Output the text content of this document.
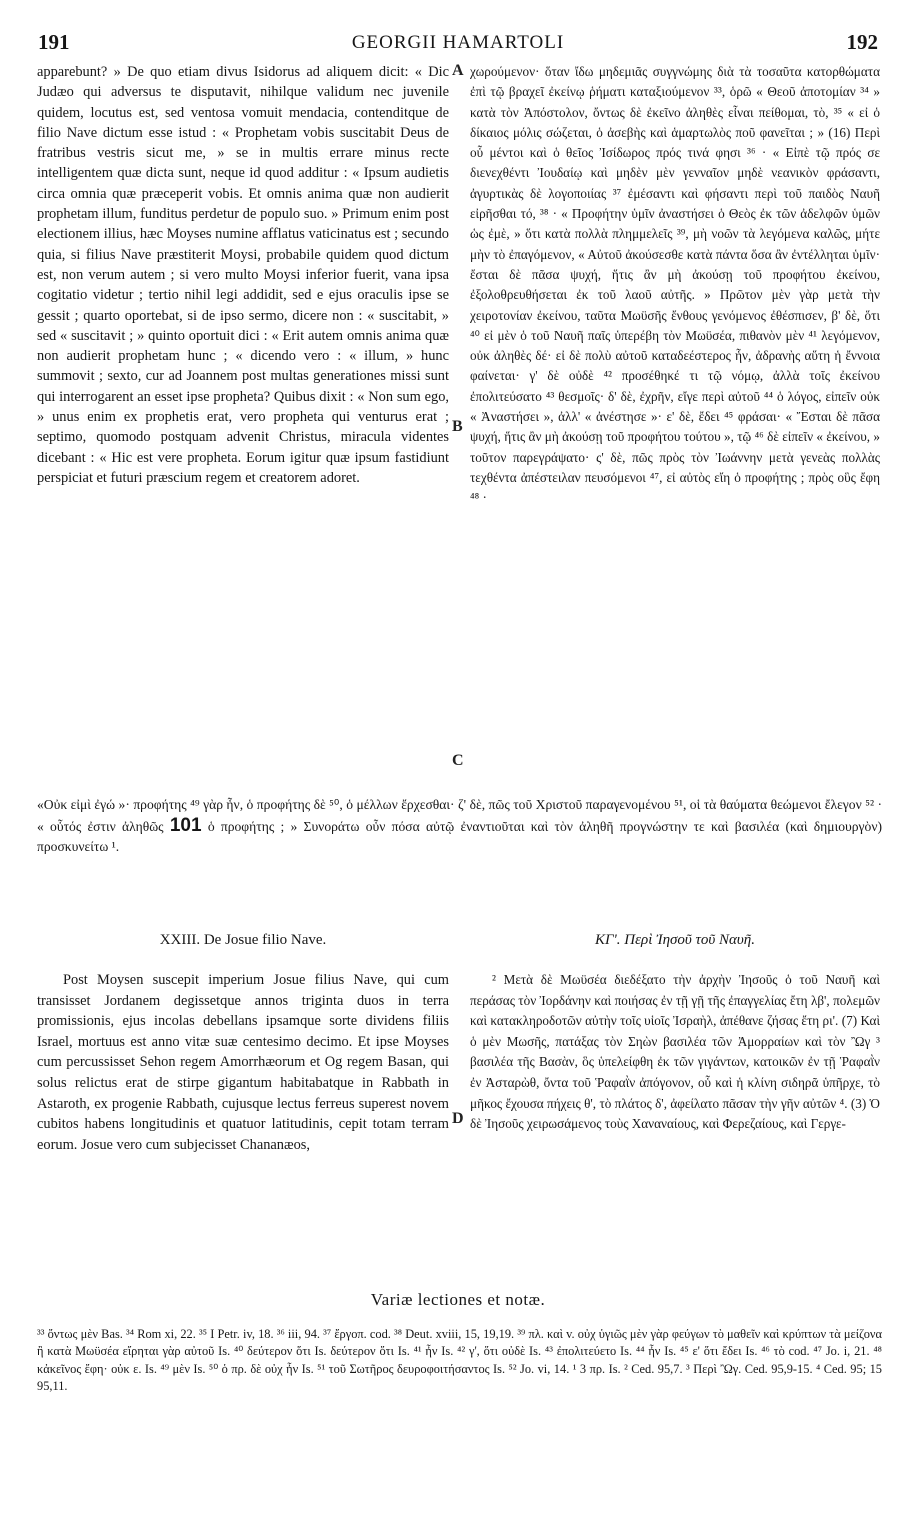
191	GEORGII HAMARTOLI	192

apparebunt? » De quo etiam divus Isidorus ad aliquem dicit: « Dic Judæo qui adversus te disputavit, nihilque validum nec juvenile quidem, locutus est, sed ventosa vomuit mendacia, contenditque de filio Nave dictum esse istud : « Prophetam vobis suscitabit Deus de fratribus vestris sicut me, » se in multis errare minus recte intelligentem quæ dicta sunt, neque id quod additur : « Ipsum audietis circa omnia quæ præceperit vobis. Et omnis anima quæ non audierit prophetam illum, funditus perdetur de populo suo. » Primum enim post electionem illius, hæc Moyses numine afflatus vaticinatus est ; secundo quia, si filius Nave præstiterit Moysi, probabile quidem quod dictum est, non verum autem ; si vero multo Moysi inferior fuerit, vana ipsa cogitatio videtur ; tertio nihil legi addidit, sed e ejus oraculis ipse se gessit ; quarto oportebat, si de ipso sermo, dicere non : « suscitabit, » sed « suscitavit ; » quinto oportuit dici : « Erit autem omnis anima quæ non audierit prophetam hunc ; « dicendo vero : « illum, » hunc summovit ; sexto, cur ad Joannem post multas generationes missi sunt qui interrogarent an esset ipse propheta? Quibus dixit : « Non sum ego, » unus enim ex prophetis erat, vero propheta qui venturus erat ; septimo, quomodo postquam advenit Christus, miracula videntes dicebant : « Hic est vere propheta. Eorum igitur quæ ipsum fastidiunt perspiciat et futuri præscium regem et creatorem adoret.

χωρούμενον· ὅταν ἴδω μηδεμιᾶς συγγνώμης διὰ τὰ τοσαῦτα κατορθώματα ἐπὶ τῷ βραχεῖ ἐκείνῳ ῥήματι καταξιούμενον ³³, ὁρῶ « Θεοῦ ἀποτομίαν ³⁴ » κατὰ τὸν Ἀπόστολον, ὄντως δὲ ἐκεῖνο ἀληθὲς εἶναι πείθομαι, τὸ, ³⁵ « εἰ ὁ δίκαιος μόλις σώζεται, ὁ ἀσεβὴς καὶ ἁμαρτωλὸς ποῦ φανεῖται ; » (16) Περὶ οὗ μέντοι καὶ ὁ θεῖος Ἰσίδωρος πρός τινά φησι ³⁶ · « Εἰπὲ τῷ πρός σε διενεχθέντι Ἰουδαίῳ καὶ μηδὲν μὲν γενναῖον μηδὲ νεανικὸν φράσαντι, ἀγυρτικὰς δὲ λογοποιίας ³⁷ ἐμέσαντι καὶ φήσαντι περὶ τοῦ παιδὸς Ναυῆ εἰρῆσθαι τό, ³⁸ · « Προφήτην ὑμῖν ἀναστήσει ὁ Θεὸς ἐκ τῶν ἀδελφῶν ὑμῶν ὡς ἐμὲ, » ὅτι κατὰ πολλὰ πλημμελεῖς ³⁹, μὴ νοῶν τὰ λεγόμενα καλῶς, μήτε μὴν τὸ ἐπαγόμενον, « Αὐτοῦ ἀκούσεσθε κατὰ πάντα ὅσα ἂν ἐντέλληται ὑμῖν· ἔσται δὲ πᾶσα ψυχή, ἥτις ἂν μὴ ἀκούσῃ τοῦ προφήτου ἐκείνου, ἐξολοθρευθήσεται ἐκ τοῦ λαοῦ αὐτῆς. » Πρῶτον μὲν γὰρ μετὰ τὴν χειροτονίαν ἐκείνου, ταῦτα Μωϋσῆς ἔνθους γενόμενος ἐθέσπισεν, β' δὲ, ὅτι ⁴⁰ εἰ μὲν ὁ τοῦ Ναυῆ παῖς ὑπερέβη τὸν Μωϋσέα, πιθανὸν μὲν ⁴¹ λεγόμενον, οὐκ ἀληθὲς δέ· εἰ δὲ πολὺ αὐτοῦ καταδεέστερος ἦν, ἀδρανὴς αὕτη ἡ ἔννοια φαίνεται· γ' δὲ οὐδὲ ⁴² προσέθηκέ τι τῷ νόμῳ, ἀλλὰ τοῖς ἐκείνου ἐπολιτεύσατο ⁴³ θεσμοῖς· δ' δὲ, ἐχρῆν, εἴγε περὶ αὐτοῦ ⁴⁴ ὁ λόγος, εἰπεῖν οὐκ « Ἀναστήσει », ἀλλ' « ἀνέστησε »· ε' δὲ, ἔδει ⁴⁵ φράσαι· « Ἔσται δὲ πᾶσα ψυχή, ἥτις ἂν μὴ ἀκούσῃ τοῦ προφήτου τούτου », τῷ ⁴⁶ δὲ εἰπεῖν « ἐκείνου, » τοῦτον παρεγράψατο· ς' δὲ, πῶς πρὸς τὸν Ἰωάννην μετὰ γενεὰς πολλὰς τεχθέντα ἀπέστειλαν πευσόμενοι ⁴⁷, εἰ αὐτὸς εἴη ὁ προφήτης ; πρὸς οὓς ἔφη ⁴⁸ ·

A
B
C
D
«Οὐκ εἰμὶ ἐγώ »· προφήτης ⁴⁹ γὰρ ἦν, ὁ προφήτης δὲ ⁵⁰, ὁ μέλλων ἔρχεσθαι· ζ' δὲ, πῶς τοῦ Χριστοῦ παραγενομένου ⁵¹, οἱ τὰ θαύματα θεώμενοι ἔλεγον ⁵² · « οὗτός ἐστιν ἀληθῶς 101 ὁ προφήτης ; » Συνοράτω οὖν πόσα αὐτῷ ἐναντιοῦται καὶ τὸν ἀληθῆ προγνώστην τε καὶ βασιλέα (καὶ δημιουργὸν) προσκυνείτω ¹.
XXIII. De Josue filio Nave.	ΚΓ'. Περὶ Ἰησοῦ τοῦ Ναυῆ.

Post Moysen suscepit imperium Josue filius Nave, qui cum transisset Jordanem degissetque annos triginta duos in terra promissionis, ejus incolas debellans ipsamque sorte dividens filiis Israel, mortuus est anno vitæ suæ centesimo decimo. Et ipse Moyses cum percussisset Sehon regem Amorrhæorum et Og regem Basan, qui solus relictus erat de stirpe gigantum habitabatque in Rabbath in Astaroth, ex progenie Rabbath, cujusque lectus ferreus superest novem cubitos habens longitudinis et quatuor latitudinis, cepit totam terram eorum. Josue vero cum subjecisset Chananæos,

² Μετὰ δὲ Μωϋσέα διεδέξατο τὴν ἀρχὴν Ἰησοῦς ὁ τοῦ Ναυῆ καὶ περάσας τὸν Ἰορδάνην καὶ ποιήσας ἐν τῇ γῇ τῆς ἐπαγγελίας ἔτη λβ', πολεμῶν καὶ κατακληροδοτῶν αὐτὴν τοῖς υἱοῖς Ἰσραὴλ, ἀπέθανε ζήσας ἔτη ρι'. (7) Καὶ ὁ μὲν Μωσῆς, πατάξας τὸν Σηὼν βασιλέα τῶν Ἀμορραίων καὶ τὸν Ὢγ ³ βασιλέα τῆς Βασὰν, ὃς ὑπελείφθη ἐκ τῶν γιγάντων, κατοικῶν ἐν τῇ Ῥαφαῒν ἐν Ἀσταρὼθ, ὄντα τοῦ Ῥαφαῒν ἀπόγονον, οὗ καὶ ἡ κλίνη σιδηρᾶ ὑπῆρχε, τὸ μῆκος ἔχουσα πήχεις θ', τὸ πλάτος δ', ἀφείλατο πᾶσαν τὴν γῆν αὐτῶν ⁴. (3) Ὁ δὲ Ἰησοῦς χειρωσάμενος τοὺς Χαναναίους, καὶ Φερεζαίους, καὶ Γεργε-

Variæ lectiones et notæ.
³³ ὄντως μὲν Bas. ³⁴ Rom xi, 22. ³⁵ I Petr. iv, 18. ³⁶ iii, 94. ³⁷ ἔργοπ. cod. ³⁸ Deut. xviii, 15, 19,19. ³⁹ πλ. καὶ v. οὐχ ὑγιῶς μὲν γὰρ φεύγων τὸ μαθεῖν καὶ κρύπτων τὰ μείζονα ἢ κατὰ Μωϋσέα εἴρηται γὰρ αὐτοῦ Is. ⁴⁰ δεύτερον ὅτι Is. δεύτερον ὅτι Is. ⁴¹ ἦν Is. ⁴² γ', ὅτι οὐδὲ Is. ⁴³ ἐπολιτεύετο Is. ⁴⁴ ἦν Is. ⁴⁵ ε' ὅτι ἔδει Is. ⁴⁶ τὸ cod. ⁴⁷ Jo. i, 21. ⁴⁸ κἀκεῖνος ἔφη· οὐκ ε. Is. ⁴⁹ μὲν Is. ⁵⁰ ὁ πρ. δὲ οὐχ ἦν Is. ⁵¹ τοῦ Σωτῆρος δευροφοιτήσαντος Is. ⁵² Jo. vi, 14. ¹ 3 πρ. Is. ² Ced. 95,7. ³ Περὶ Ὢγ. Ced. 95,9-15. ⁴ Ced. 95; 15 95,11.
